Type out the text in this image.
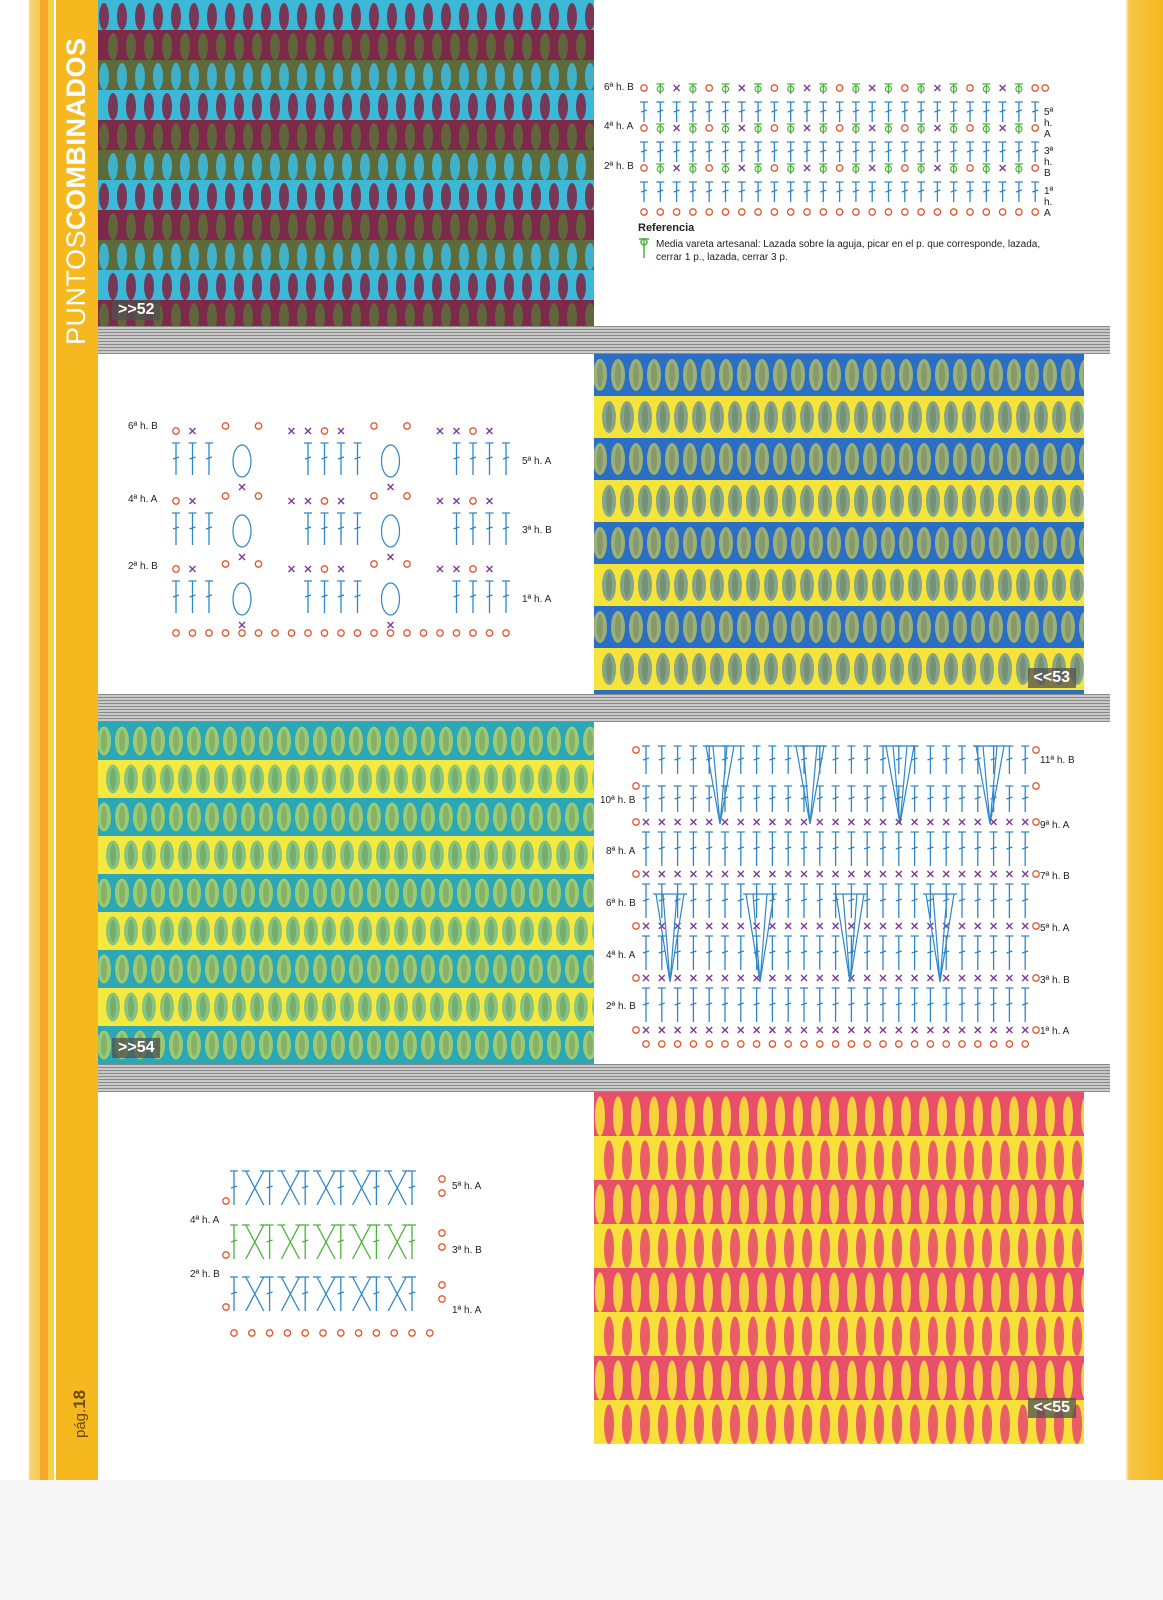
PUNTOSCOMBINADOS
pág.18
>>52
6ª h. B
4ª h. A
2ª h. B
5ª h. A
3ª h. B
1ª h. A
Referencia
Media vareta artesanal: Lazada sobre la aguja, picar en el p. que corresponde, lazada, cerrar 1 p., lazada, cerrar 3 p.
6ª h. B
4ª h. A
2ª h. B
5ª h. A
3ª h. B
1ª h. A
<<53
>>54
10ª h. B
8ª h. A
6ª h. B
4ª h. A
2ª h. B
11ª h. B
9ª h. A
7ª h. B
5ª h. A
3ª h. B
1ª h. A
4ª h. A
2ª h. B
5ª h. A
3ª h. B
1ª h. A
<<55
